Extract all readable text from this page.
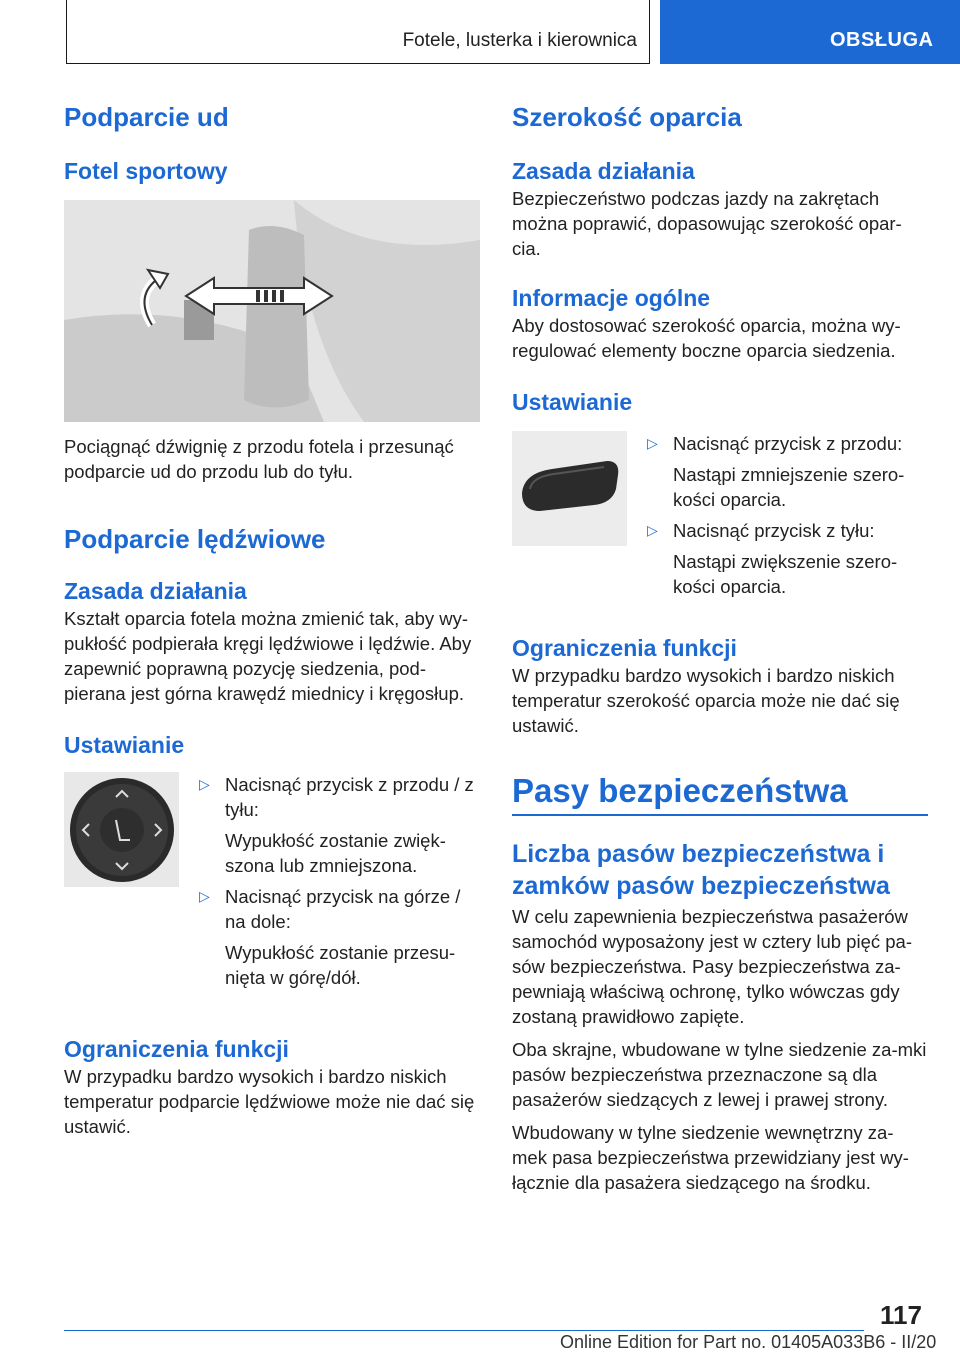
Fotele, lusterka i kierownica	OBSŁUGA
Podparcie ud
Fotel sportowy
Pociągnąć dźwignię z przodu fotela i przesunąć podparcie ud do przodu lub do tyłu.
Podparcie lędźwiowe
Zasada działania
Kształt oparcia fotela można zmienić tak, aby wy-pukłość podpierała kręgi lędźwiowe i lędźwie. Aby zapewnić poprawną pozycję siedzenia, pod-pierana jest górna krawędź miednicy i kręgosłup.
Ustawianie
▷ Nacisnąć przycisk z przodu / z tyłu:
Wypukłość zostanie zwięk-szona lub zmniejszona.
▷ Nacisnąć przycisk na górze / na dole:
Wypukłość zostanie przesu-nięta w górę/dół.
Ograniczenia funkcji
W przypadku bardzo wysokich i bardzo niskich temperatur podparcie lędźwiowe może nie dać się ustawić.
Szerokość oparcia
Zasada działania
Bezpieczeństwo podczas jazdy na zakrętach można poprawić, dopasowując szerokość opar-cia.
Informacje ogólne
Aby dostosować szerokość oparcia, można wy-regulować elementy boczne oparcia siedzenia.
Ustawianie
▷ Nacisnąć przycisk z przodu:
Nastąpi zmniejszenie szero-kości oparcia.
▷ Nacisnąć przycisk z tyłu:
Nastąpi zwiększenie szero-kości oparcia.
Ograniczenia funkcji
W przypadku bardzo wysokich i bardzo niskich temperatur szerokość oparcia może nie dać się ustawić.
Pasy bezpieczeństwa
Liczba pasów bezpieczeństwa i zamków pasów bezpieczeństwa
W celu zapewnienia bezpieczeństwa pasażerów samochód wyposażony jest w cztery lub pięć pa-sów bezpieczeństwa. Pasy bezpieczeństwa za-pewniają właściwą ochronę, tylko wówczas gdy zostaną prawidłowo zapięte.
Oba skrajne, wbudowane w tylne siedzenie za-mki pasów bezpieczeństwa przeznaczone są dla pasażerów siedzących z lewej i prawej strony.
Wbudowany w tylne siedzenie wewnętrzny za-mek pasa bezpieczeństwa przewidziany jest wy-łącznie dla pasażera siedzącego na środku.
117
Online Edition for Part no. 01405A033B6 - II/20
